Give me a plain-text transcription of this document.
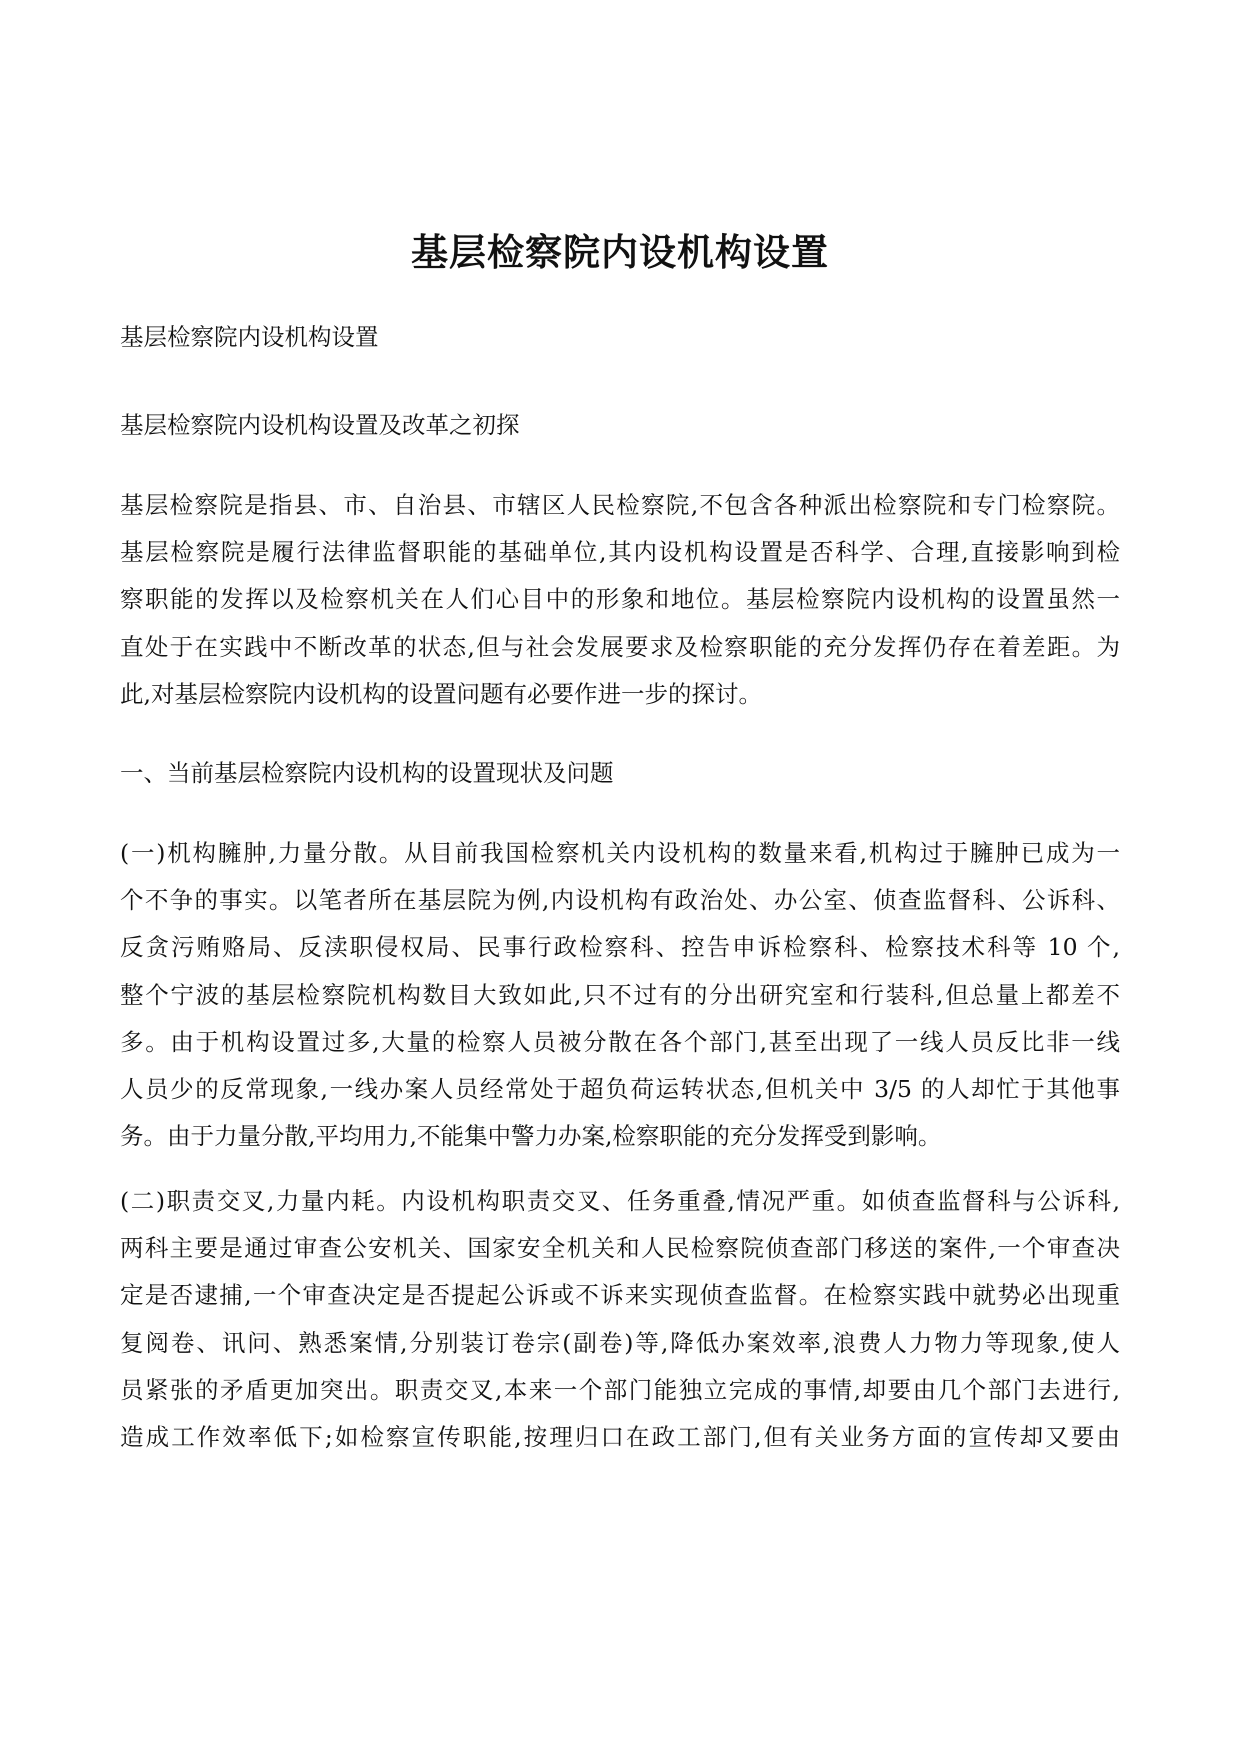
基层检察院内设机构设置

基层检察院内设机构设置

基层检察院内设机构设置及改革之初探

基层检察院是指县、市、自治县、市辖区人民检察院,不包含各种派出检察院和专门检察院。
基层检察院是履行法律监督职能的基础单位,其内设机构设置是否科学、合理,直接影响到检
察职能的发挥以及检察机关在人们心目中的形象和地位。基层检察院内设机构的设置虽然一
直处于在实践中不断改革的状态,但与社会发展要求及检察职能的充分发挥仍存在着差距。为
此,对基层检察院内设机构的设置问题有必要作进一步的探讨。

一、当前基层检察院内设机构的设置现状及问题

(一)机构臃肿,力量分散。从目前我国检察机关内设机构的数量来看,机构过于臃肿已成为一
个不争的事实。以笔者所在基层院为例,内设机构有政治处、办公室、侦查监督科、公诉科、
反贪污贿赂局、反渎职侵权局、民事行政检察科、控告申诉检察科、检察技术科等 10 个,
整个宁波的基层检察院机构数目大致如此,只不过有的分出研究室和行装科,但总量上都差不
多。由于机构设置过多,大量的检察人员被分散在各个部门,甚至出现了一线人员反比非一线
人员少的反常现象,一线办案人员经常处于超负荷运转状态,但机关中 3/5 的人却忙于其他事
务。由于力量分散,平均用力,不能集中警力办案,检察职能的充分发挥受到影响。
(二)职责交叉,力量内耗。内设机构职责交叉、任务重叠,情况严重。如侦查监督科与公诉科,
两科主要是通过审查公安机关、国家安全机关和人民检察院侦查部门移送的案件,一个审查决
定是否逮捕,一个审查决定是否提起公诉或不诉来实现侦查监督。在检察实践中就势必出现重
复阅卷、讯问、熟悉案情,分别装订卷宗(副卷)等,降低办案效率,浪费人力物力等现象,使人
员紧张的矛盾更加突出。职责交叉,本来一个部门能独立完成的事情,却要由几个部门去进行,
造成工作效率低下;如检察宣传职能,按理归口在政工部门,但有关业务方面的宣传却又要由
